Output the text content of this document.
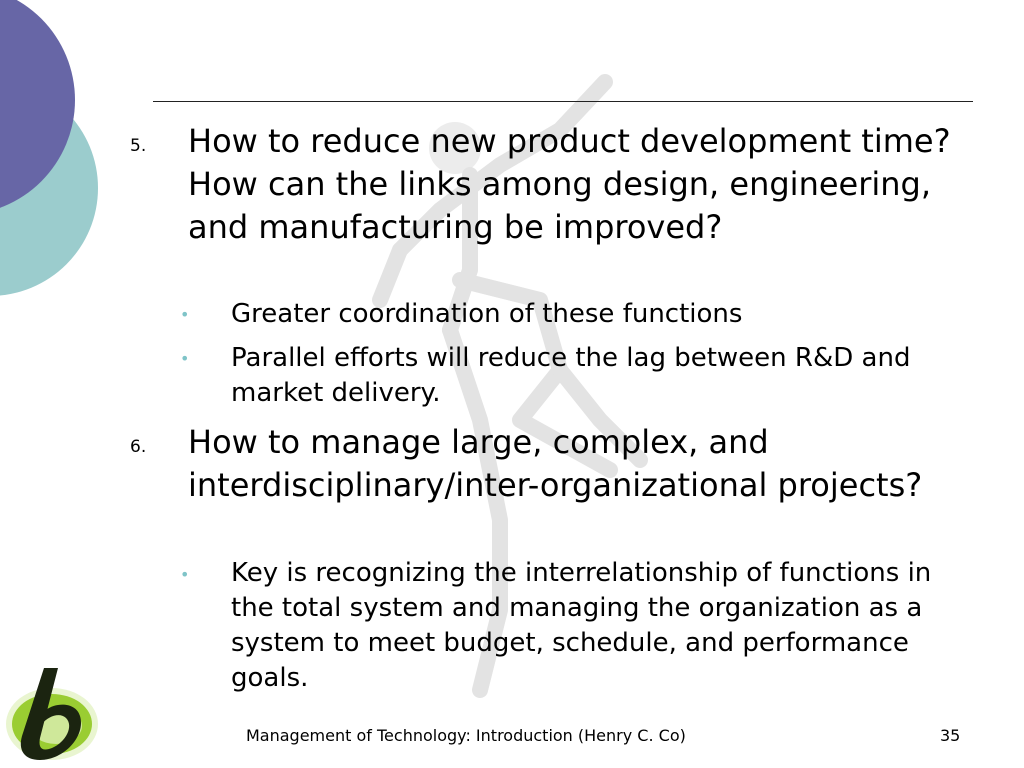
5. How to reduce new product development time? How can the links among design, engineering, and manufacturing be improved?
• Greater coordination of these functions
• Parallel efforts will reduce the lag between R&D and market delivery.
6. How to manage large, complex, and interdisciplinary/inter-organizational projects?
• Key is recognizing the interrelationship of functions in the total system and managing the organization as a system to meet budget, schedule, and performance goals.
Management of Technology: Introduction (Henry C. Co)	35
